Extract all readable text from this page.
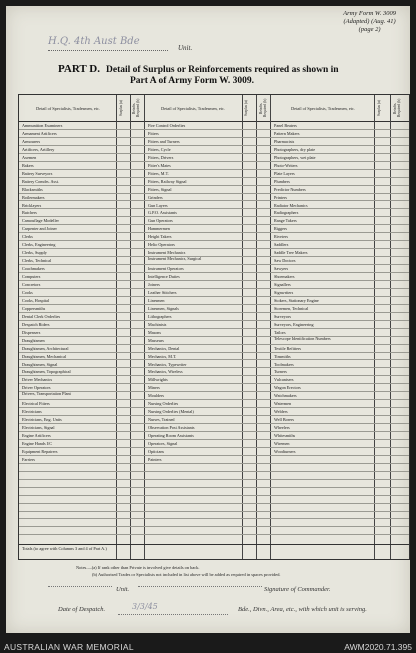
H.Q. 4th Aust Bde
Unit.
Army Form W. 3009
(Adapted) (Aug. 41)
(page 2)
PART D. Detail of Surplus or Reinforcements required as shown in
Part A of Army Form W. 3009.
Detail of Specialists, Tradesmen, etc.	Surplus (a)	Reinfts. Required (b)	Detail of Specialists, Tradesmen, etc.	Surplus (a)	Reinfts. Required (b)	Detail of Specialists, Tradesmen, etc.	Surplus (a)	Reinfts. Required (b)
Ammunition Examiners	Fire Control Orderlies	Panel Beaters
Armament Artificers	Fitters	Pattern Makers
Armourers	Fitters and Turners	Pharmacists
Artificers, Artillery	Fitters, Cycle	Photographers, dry plate
Axemen	Fitters, Drivers	Photographers, wet plate
Bakers	Fitter's Mates	Photo-Writers
Battery Surveyors	Fitters, M.T.	Plate Layers
Battery Comdrs. Asst.	Fitters, Railway Signal	Plumbers
Blacksmiths	Fitters, Signal	Predictor Numbers
Boilermakers	Grinders	Printers
Bricklayers	Gun Layers	Radiator Mechanics
Butchers	G.P.O. Assistants	Radiographers
Camouflage Modeller	Gun Operators	Range Takers
Carpenter and Joiner	Hammermen	Riggers
Clerks	Height Takers	Riveters
Clerks, Engineering	Helio Operators	Saddlers
Clerks, Supply	Instrument Mechanics	Saddle Tree Makers
Clerks, Technical	Instrument Mechanics, Surgical	Saw Doctors
Coachmakers	Instrument Operators	Sawyers
Computers	Intelligence Duties	Shoemakers
Concretors	Joiners	Signallers
Cooks	Leather Stitchers	Signwriters
Cooks, Hospital	Linesmen	Stokers, Stationary Engine
Coppersmiths	Linesmen, Signals	Storemen, Technical
Dental Clerk Orderlies	Lithographers	Surveyors
Despatch Riders	Machinists	Surveyors, Engineering
Dispensers	Masons	Tailors
Draughtsmen	Masseurs	Telescope Identification Numbers
Draughtsmen, Architectural	Mechanics, Dental	Textile Refitters
Draughtsmen, Mechanical	Mechanics, M.T.	Tinsmiths
Draughtsmen, Signal	Mechanics, Typewriter	Toolmakers
Draughtsmen, Topographical	Mechanics, Wireless	Turners
Driver Mechanics	Millwrights	Vulcanisers
Driver Operators	Miners	Wagon Erectors
Drivers, Transportation Plant	Moulders	Watchmakers
Electrical Fitters	Nursing Orderlies	Watermen
Electricians	Nursing Orderlies (Mental)	Welders
Electricians, Eng. Units	Nurses, Trained	Well Borers
Electricians, Signal	Observation Post Assistants	Wheelers
Engine Artificers	Operating Room Assistants	Whitesmiths
Engine Hands I/C	Operators, Signal	Wiremen
Equipment Repairers	Opticians	Woodturners
Farriers	Painters
Totals (to agree with Columns 3 and 4 of Part A.)
Notes.—(a) If rank other than Private is involved give details on back.
(b) Authorised Trades or Specialists not included in list above will be added as required in spaces provided.
Unit.	Signature of Commander.
Date of Despatch.	3/3/45	Bde., Divn., Area, etc., with which unit is serving.
AUSTRALIAN WAR MEMORIAL	AWM2020.71.395
